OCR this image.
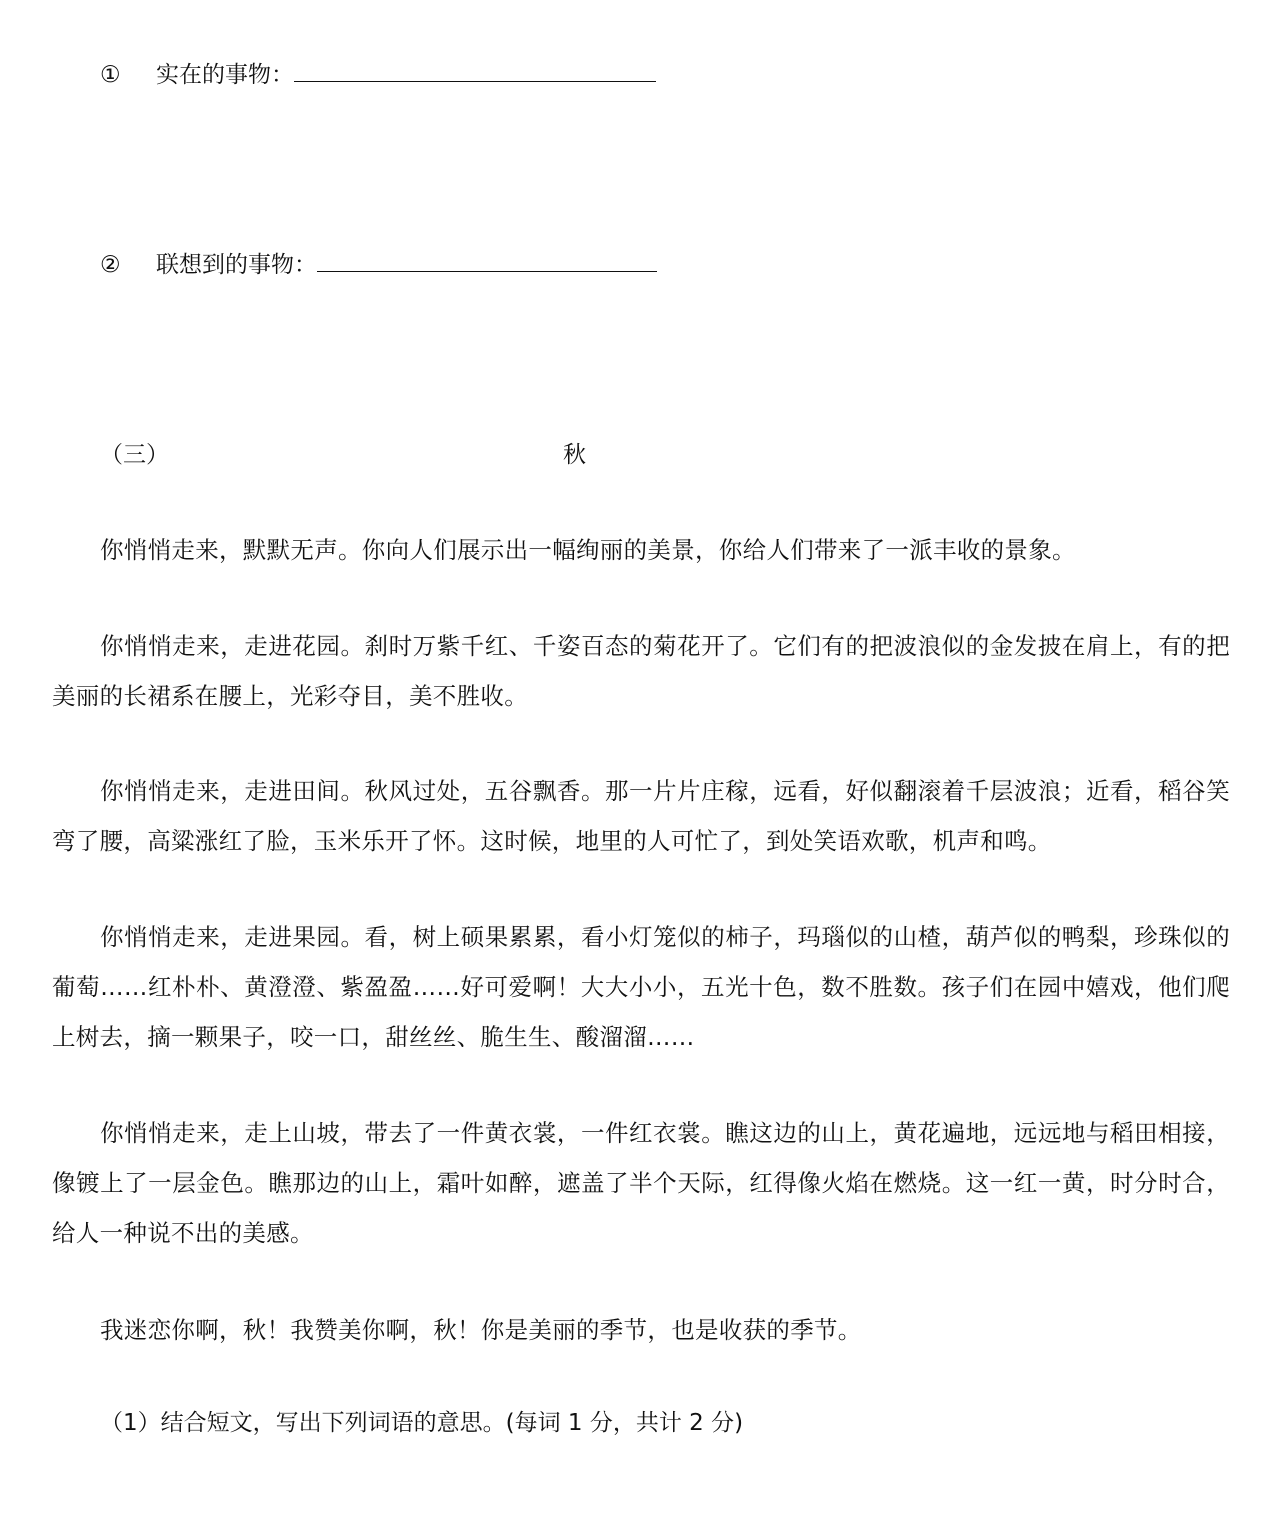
① 实在的事物：
② 联想到的事物：
（三）	秋

你悄悄走来，默默无声。你向人们展示出一幅绚丽的美景，你给人们带来了一派丰收的景象。

你悄悄走来，走进花园。刹时万紫千红、千姿百态的菊花开了。它们有的把波浪似的金发披在肩上，有的把美丽的长裙系在腰上，光彩夺目，美不胜收。

你悄悄走来，走进田间。秋风过处，五谷飘香。那一片片庄稼，远看，好似翻滚着千层波浪；近看，稻谷笑弯了腰，高粱涨红了脸，玉米乐开了怀。这时候，地里的人可忙了，到处笑语欢歌，机声和鸣。

你悄悄走来，走进果园。看，树上硕果累累，看小灯笼似的柿子，玛瑙似的山楂，葫芦似的鸭梨，珍珠似的葡萄……红朴朴、黄澄澄、紫盈盈……好可爱啊！大大小小，五光十色，数不胜数。孩子们在园中嬉戏，他们爬上树去，摘一颗果子，咬一口，甜丝丝、脆生生、酸溜溜……

你悄悄走来，走上山坡，带去了一件黄衣裳，一件红衣裳。瞧这边的山上，黄花遍地，远远地与稻田相接，像镀上了一层金色。瞧那边的山上，霜叶如醉，遮盖了半个天际，红得像火焰在燃烧。这一红一黄，时分时合，给人一种说不出的美感。

我迷恋你啊，秋！我赞美你啊，秋！你是美丽的季节，也是收获的季节。

（1）结合短文，写出下列词语的意思。(每词 1 分，共计 2 分)
